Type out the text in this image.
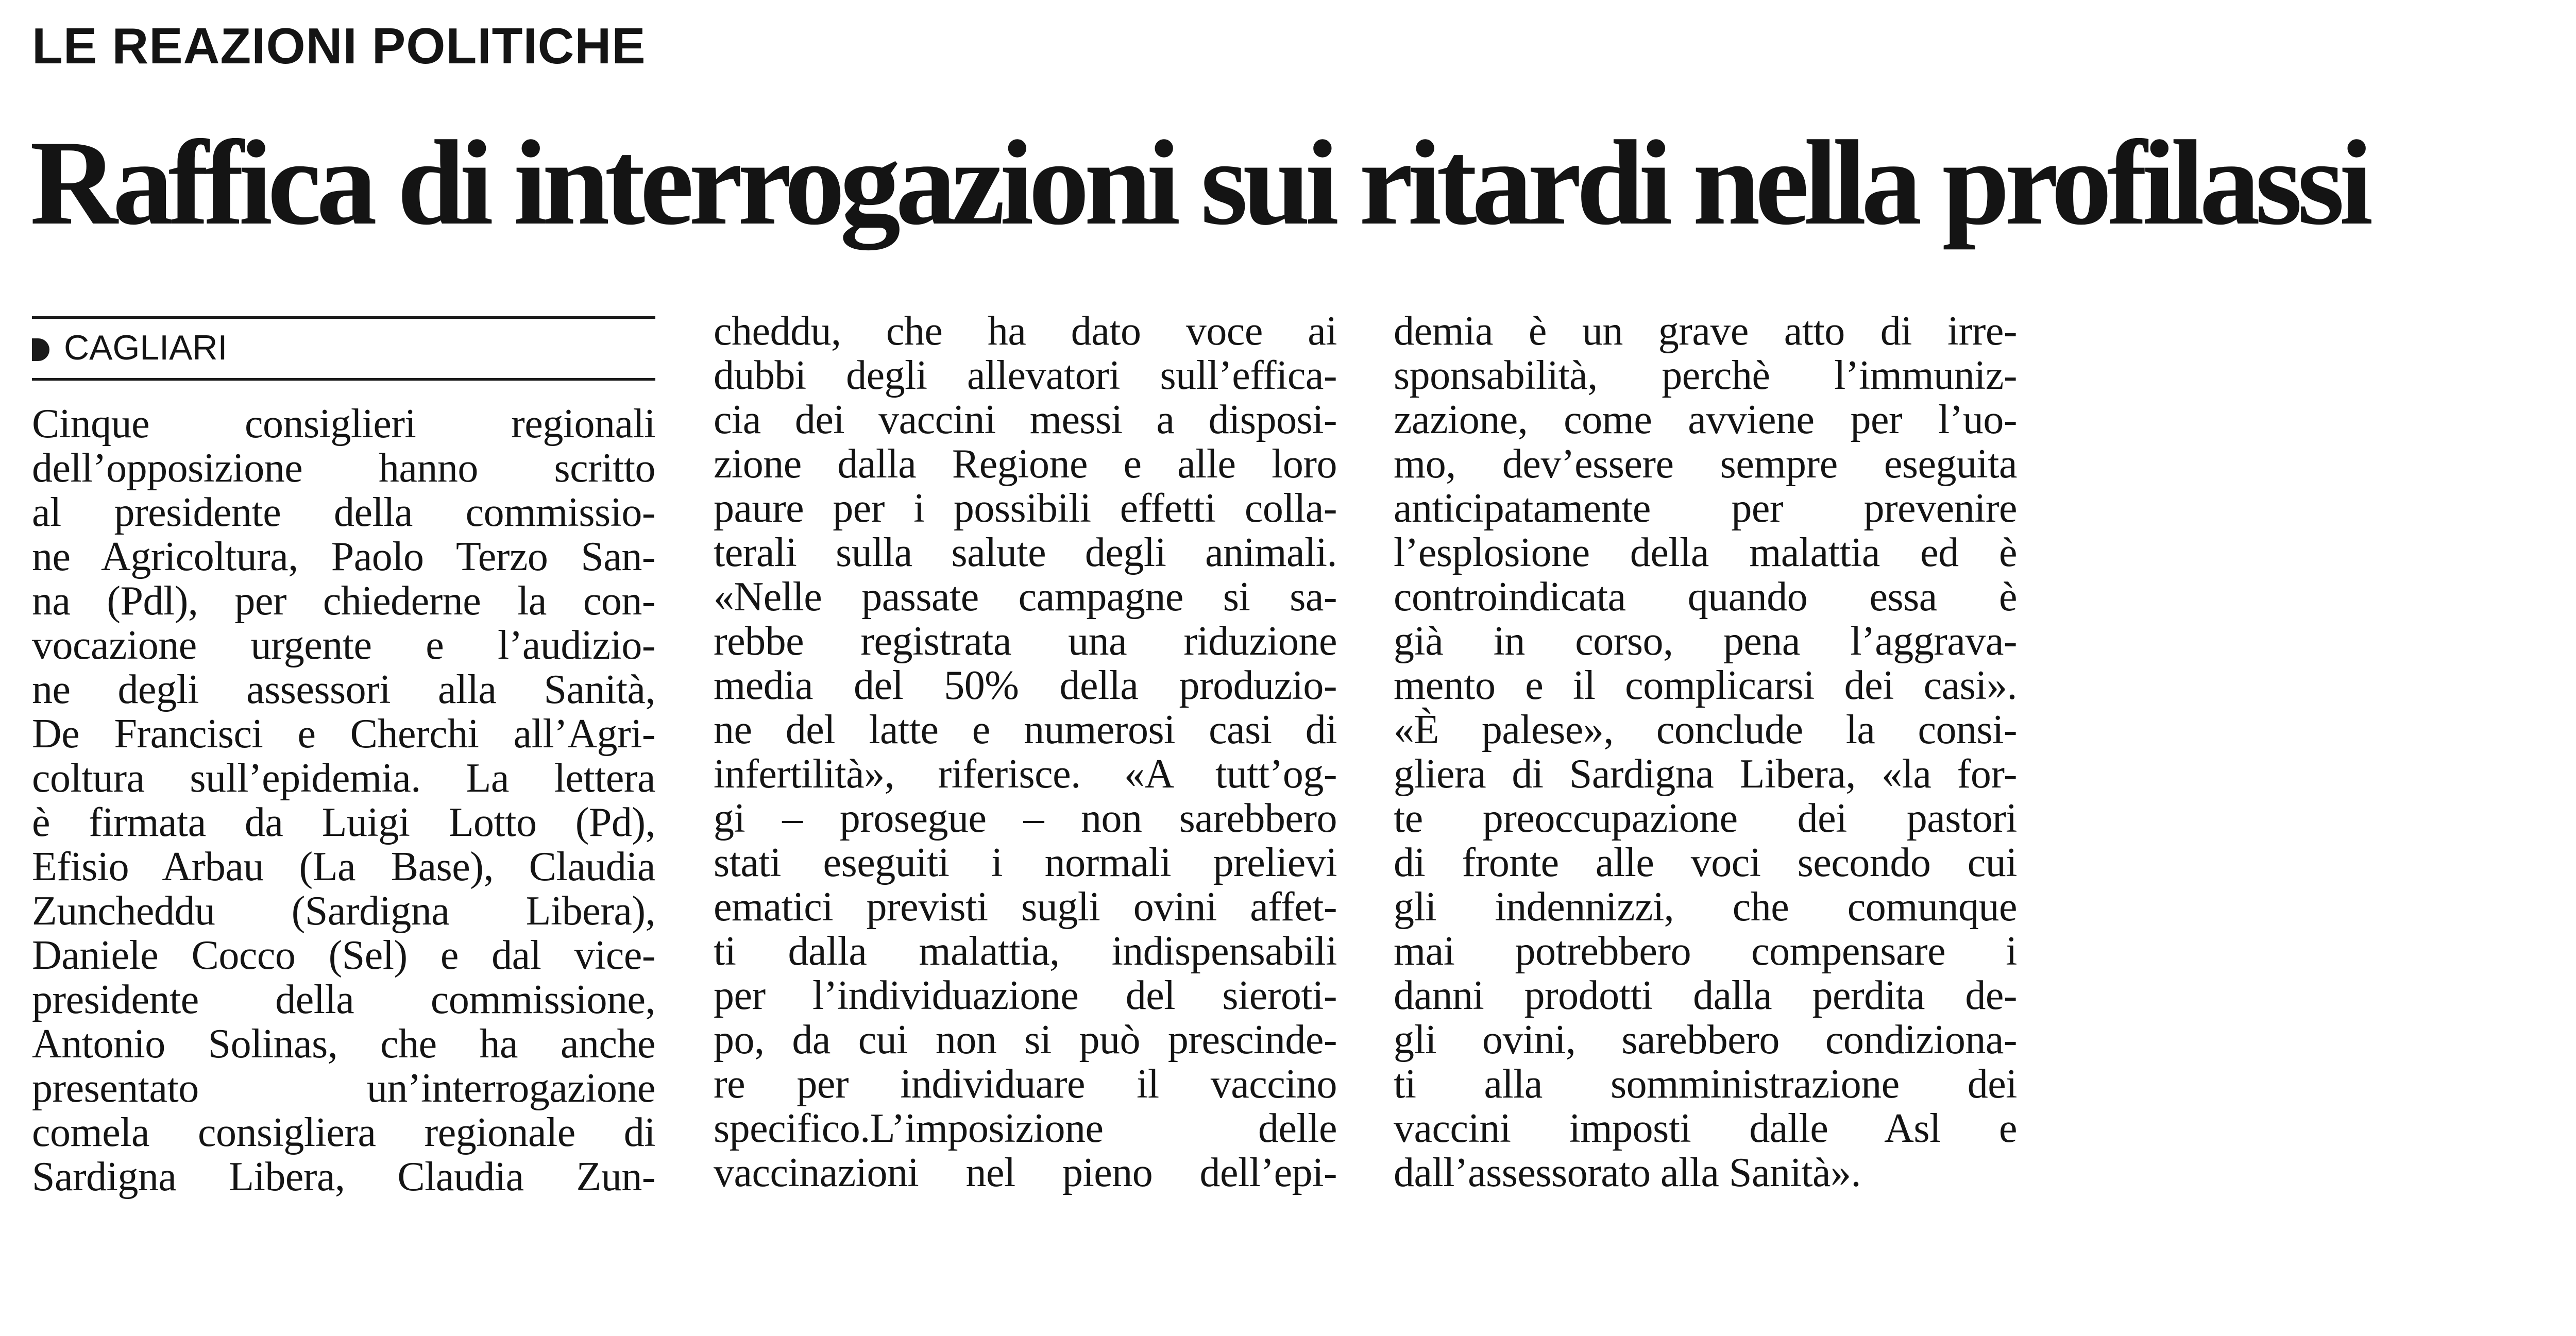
LE REAZIONI POLITICHE
Raffica di interrogazioni sui ritardi nella profilassi
CAGLIARI
Cinque consiglieri regionali
dell’opposizione hanno scritto
al presidente della commissio-
ne Agricoltura, Paolo Terzo San-
na (Pdl), per chiederne la con-
vocazione urgente e l’audizio-
ne degli assessori alla Sanità,
De Francisci e Cherchi all’Agri-
coltura sull’epidemia. La lettera
è firmata da Luigi Lotto (Pd),
Efisio Arbau (La Base), Claudia
Zuncheddu (Sardigna Libera),
Daniele Cocco (Sel) e dal vice-
presidente della commissione,
Antonio Solinas, che ha anche
presentato un’interrogazione
comela consigliera regionale di
Sardigna Libera, Claudia Zun-
cheddu, che ha dato voce ai
dubbi degli allevatori sull’effica-
cia dei vaccini messi a disposi-
zione dalla Regione e alle loro
paure per i possibili effetti colla-
terali sulla salute degli animali.
«Nelle passate campagne si sa-
rebbe registrata una riduzione
media del 50% della produzio-
ne del latte e numerosi casi di
infertilità», riferisce. «A tutt’og-
gi – prosegue – non sarebbero
stati eseguiti i normali prelievi
ematici previsti sugli ovini affet-
ti dalla malattia, indispensabili
per l’individuazione del sieroti-
po, da cui non si può prescinde-
re per individuare il vaccino
specifico.L’imposizione delle
vaccinazioni nel pieno dell’epi-
demia è un grave atto di irre-
sponsabilità, perchè l’immuniz-
zazione, come avviene per l’uo-
mo, dev’essere sempre eseguita
anticipatamente per prevenire
l’esplosione della malattia ed è
controindicata quando essa è
già in corso, pena l’aggrava-
mento e il complicarsi dei casi».
«È palese», conclude la consi-
gliera di Sardigna Libera, «la for-
te preoccupazione dei pastori
di fronte alle voci secondo cui
gli indennizzi, che comunque
mai potrebbero compensare i
danni prodotti dalla perdita de-
gli ovini, sarebbero condiziona-
ti alla somministrazione dei
vaccini imposti dalle Asl e
dall’assessorato alla Sanità».
